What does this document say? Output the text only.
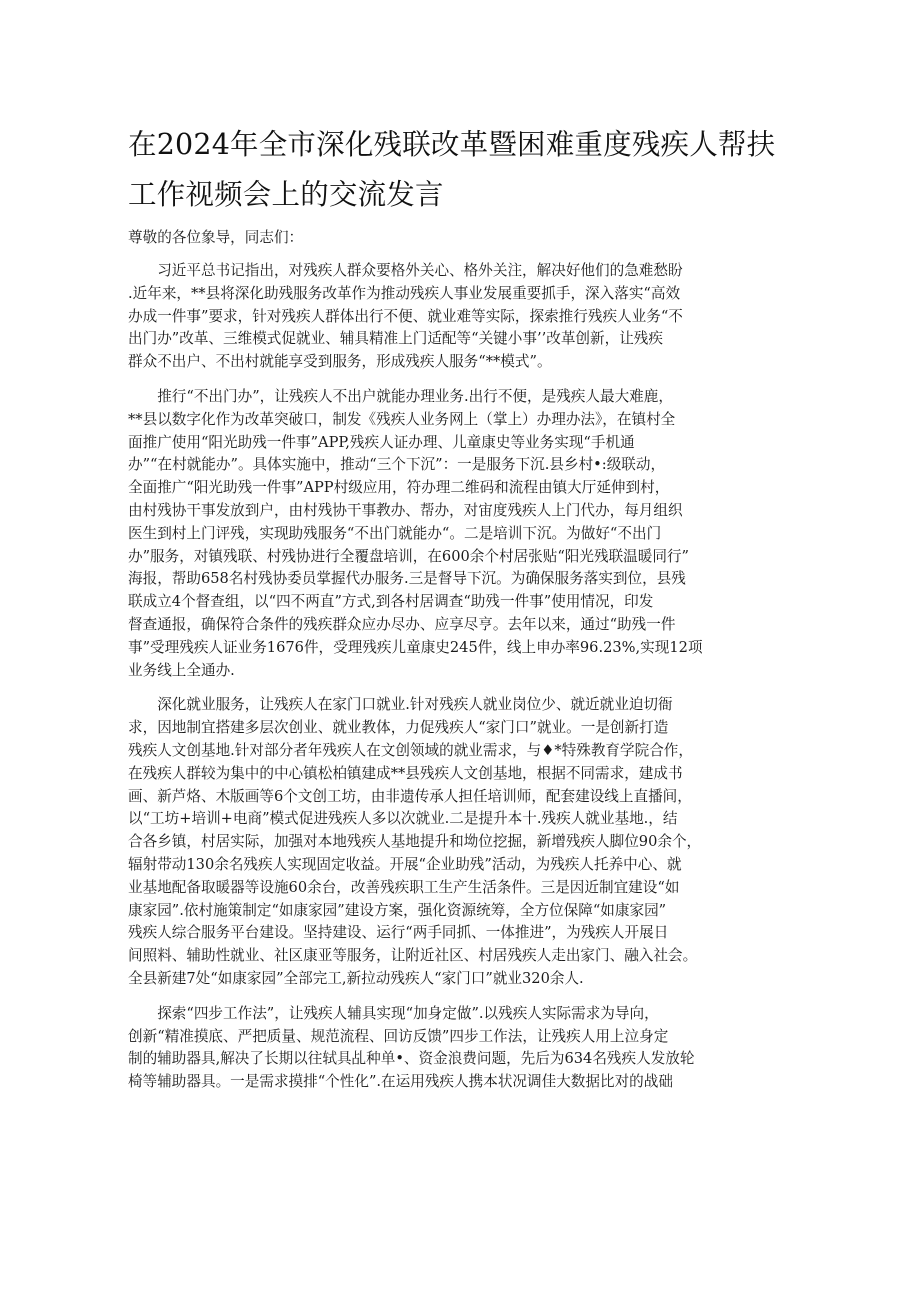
在2024年全市深化残联改革暨困难重度残疾人帮扶
工作视频会上的交流发言

尊敬的各位象导，同志们：

　　习近平总书记指出，对残疾人群众要格外关心、格外关注，解决好他们的急难愁盼
.近年来，**县将深化助残服务改革作为推动残疾人事业发展重要抓手，深入落实“高效
办成一件事”要求，针对残疾人群体出行不便、就业难等实际，探索推行残疾人业务“不
出门办”改革、三维模式促就业、辅具精准上门适配等“关键小事’’改革创新，让残疾
群众不出户、不出村就能享受到服务，形成残疾人服务“**模式”。

　　推行“不出门办”，让残疾人不出户就能办理业务.出行不便，是残疾人最大难鹿，
**县以数字化作为改革突破口，制发《残疾人业务网上（掌上）办理办法》，在镇村全
面推广使用“阳光助残一件事”APP,残疾人证办理、儿童康史等业务实现“手机通
办”“在村就能办”。具体实施中，推动“三个下沉”：一是服务下沉.县乡村•:级联动，
全面推广“阳光助残一件事”APP村级应用，符办理二维码和流程由镇大厅延伸到村，
由村残协干事发放到户，由村残协干事教办、帮办，对宙度残疾人上门代办，每月组织
医生到村上门评残，实现助残服务“不出门就能办“。二是培训下沉。为做好“不出门
办”服务，对镇残联、村残协进行全覆盘培训，在600余个村居张贴“阳光残联温暖同行”
海报，帮助658名村残协委员掌握代办服务.三是督导下沉。为确保服务落实到位，县残
联成立4个督查组，以“四不两直”方式,到各村居调查“助残一件事”使用情况，印发
督查通报，确保符合条件的残疾群众应办尽办、应享尽亨。去年以来，通过“助残一件
事”受理残疾人证业务1676件，受理残疾儿童康史245件，线上申办率96.23%,实现12项
业务线上全通办.

　　深化就业服务，让残疾人在家门口就业.针对残疾人就业岗位少、就近就业迫切衙
求，因地制宜搭建多层次创业、就业教体，力促残疾人“家门口”就业。一是创新打造
残疾人文创基地.针对部分者年残疾人在文创领域的就业需求，与♦*特殊教育学院合作，
在残疾人群较为集中的中心镇松柏镇建成**县残疾人文创基地，根据不同需求，建成书
画、新芦烙、木版画等6个文创工坊，由非遗传承人担任培训师，配套建设线上直播间，
以“工坊+培训+电商”模式促进残疾人多以次就业.二是提升本十.残疾人就业基地.，结
合各乡镇，村居实际，加强对本地残疾人基地提升和坳位挖掘，新增残疾人脚位90余个，
辐射带动130余名残疾人实现固定收益。开展“企业助残”活动，为残疾人托养中心、就
业基地配备取暖器等设施60余台，改善残疾职工生产生活条件。三是因近制宜建设“如
康家园”.依村施策制定“如康家园”建设方案，强化资源统筹，全方位保障“如康家园”
残疾人综合服务平台建设。坚持建设、运行“两手同抓、一体推进”，为残疾人开展日
间照料、辅助性就业、社区康亚等服务，让附近社区、村居残疾人走出家门、融入社会。
全县新建7处“如康家园”全部完工,新拉动残疾人“家门口”就业320余人.

　　探索“四步工作法”，让残疾人辅具实现“加身定做”.以残疾人实际需求为导向，
创新“精准摸底、严把质量、规范流程、回访反馈”四步工作法，让残疾人用上泣身定
制的辅助器具,解决了长期以往轼具乩种单•、资金浪费问题，先后为634名残疾人发放轮
椅等辅助器具。一是需求摸排“个性化”.在运用残疾人携本状况调佳大数据比对的战础
